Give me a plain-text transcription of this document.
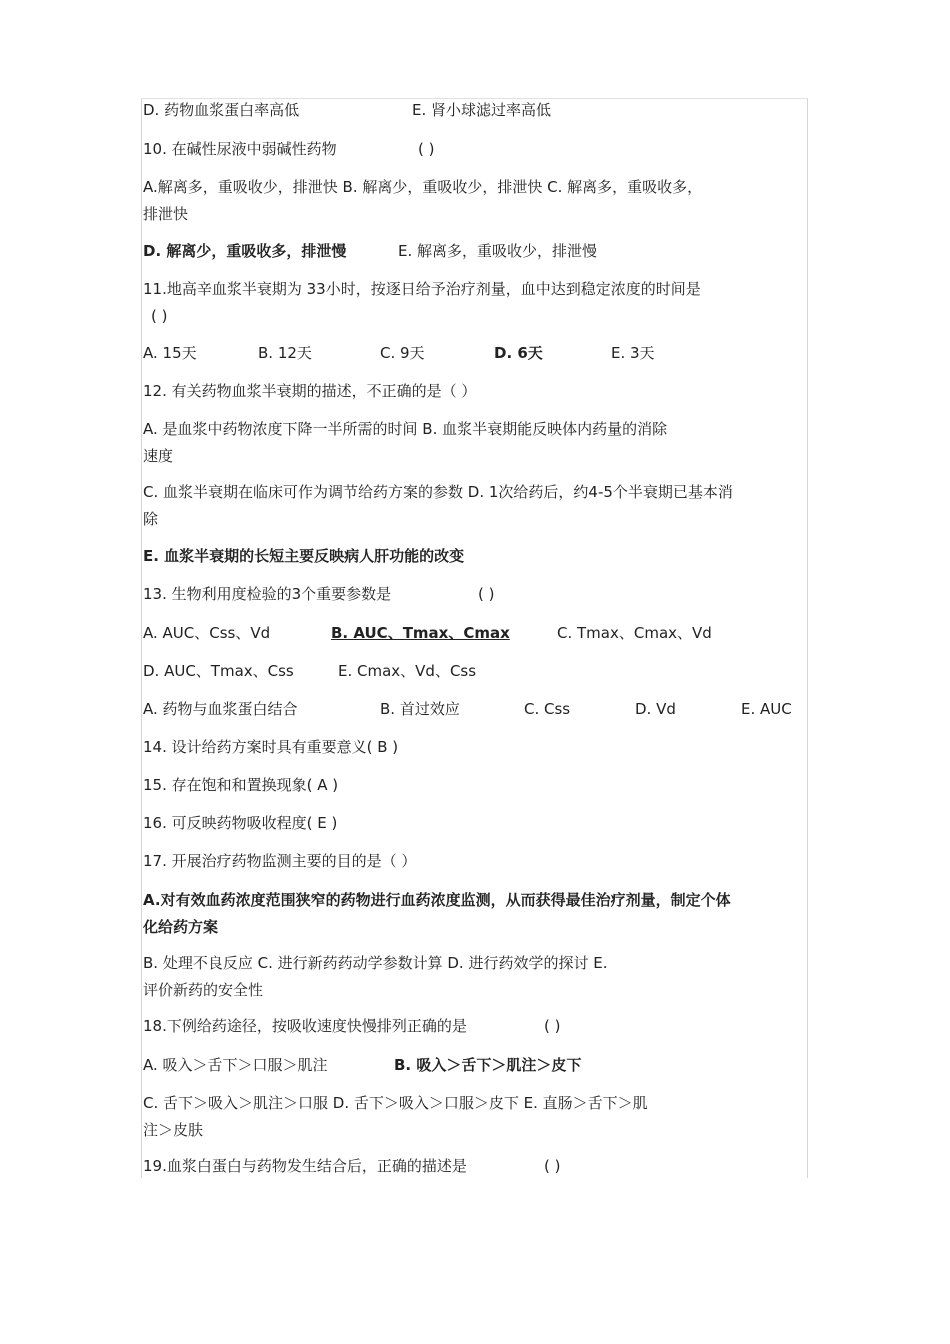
D. 药物血浆蛋白率高低	E. 肾小球滤过率高低
10. 在碱性尿液中弱碱性药物	( )
A.解离多，重吸收少，排泄快 B. 解离少，重吸收少，排泄快 C. 解离多，重吸收多，
排泄快
D. 解离少，重吸收多，排泄慢	E. 解离多，重吸收少，排泄慢
11.地高辛血浆半衰期为 33小时，按逐日给予治疗剂量，血中达到稳定浓度的时间是
( )
A. 15天	B. 12天	C. 9天	D. 6天	E. 3天
12. 有关药物血浆半衰期的描述，不正确的是（ ）
A. 是血浆中药物浓度下降一半所需的时间 B. 血浆半衰期能反映体内药量的消除
速度
C. 血浆半衰期在临床可作为调节给药方案的参数 D. 1次给药后，约4-5个半衰期已基本消
除
E. 血浆半衰期的长短主要反映病人肝功能的改变
13. 生物利用度检验的3个重要参数是	( )
A. AUC、Css、Vd	B. AUC、Tmax、Cmax	C. Tmax、Cmax、Vd
D. AUC、Tmax、Css	E. Cmax、Vd、Css
A. 药物与血浆蛋白结合	B. 首过效应	C. Css	D. Vd	E. AUC
14. 设计给药方案时具有重要意义( B )
15. 存在饱和和置换现象( A )
16. 可反映药物吸收程度( E )
17. 开展治疗药物监测主要的目的是（ ）
A.对有效血药浓度范围狭窄的药物进行血药浓度监测，从而获得最佳治疗剂量，制定个体
化给药方案
B. 处理不良反应 C. 进行新药药动学参数计算 D. 进行药效学的探讨 E.
评价新药的安全性
18.下例给药途径，按吸收速度快慢排列正确的是	( )
A. 吸入＞舌下＞口服＞肌注	B. 吸入＞舌下＞肌注＞皮下
C. 舌下＞吸入＞肌注＞口服 D. 舌下＞吸入＞口服＞皮下 E. 直肠＞舌下＞肌
注＞皮肤
19.血浆白蛋白与药物发生结合后，正确的描述是	( )
